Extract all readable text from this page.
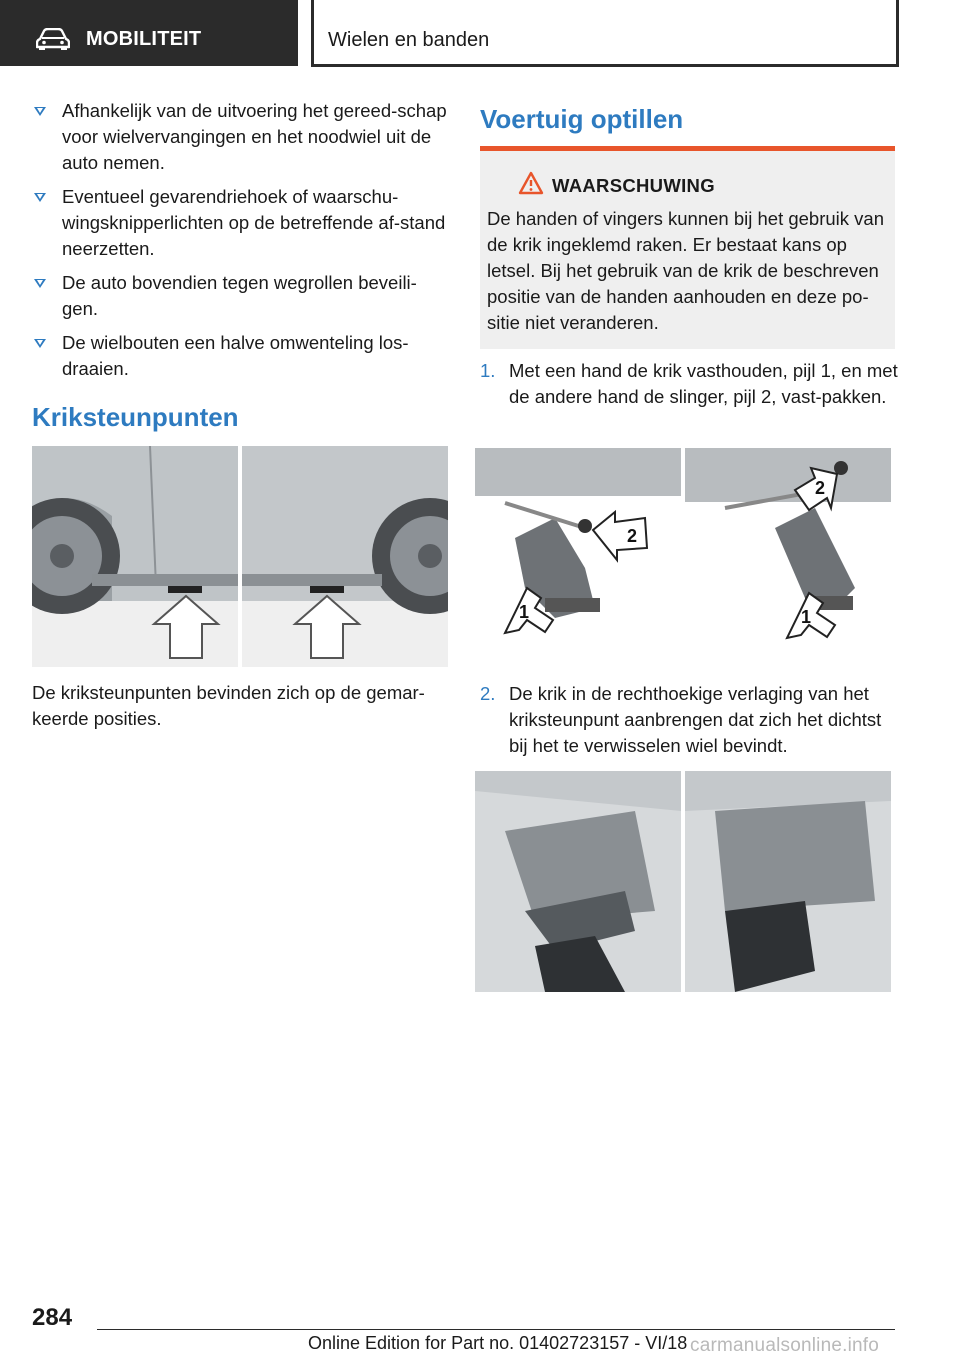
MOBILITEIT	Wielen en banden
Afhankelijk van de uitvoering het gereed-schap voor wielvervangingen en het noodwiel uit de auto nemen.
Eventueel gevarendriehoek of waarschu-wingsknipperlichten op de betreffende af-stand neerzetten.
De auto bovendien tegen wegrollen beveili-gen.
De wielbouten een halve omwenteling los-draaien.
Kriksteunpunten
De kriksteunpunten bevinden zich op de gemar-keerde posities.
Voertuig optillen
WAARSCHUWING
De handen of vingers kunnen bij het gebruik van de krik ingeklemd raken. Er bestaat kans op letsel. Bij het gebruik van de krik de beschreven positie van de handen aanhouden en deze po-sitie niet veranderen.
1. Met een hand de krik vasthouden, pijl 1, en met de andere hand de slinger, pijl 2, vast-pakken.
1
2
2
1
2. De krik in de rechthoekige verlaging van het kriksteunpunt aanbrengen dat zich het dichtst bij het te verwisselen wiel bevindt.
284
Online Edition for Part no. 01402723157 - VI/18 carmanualsonline.info
